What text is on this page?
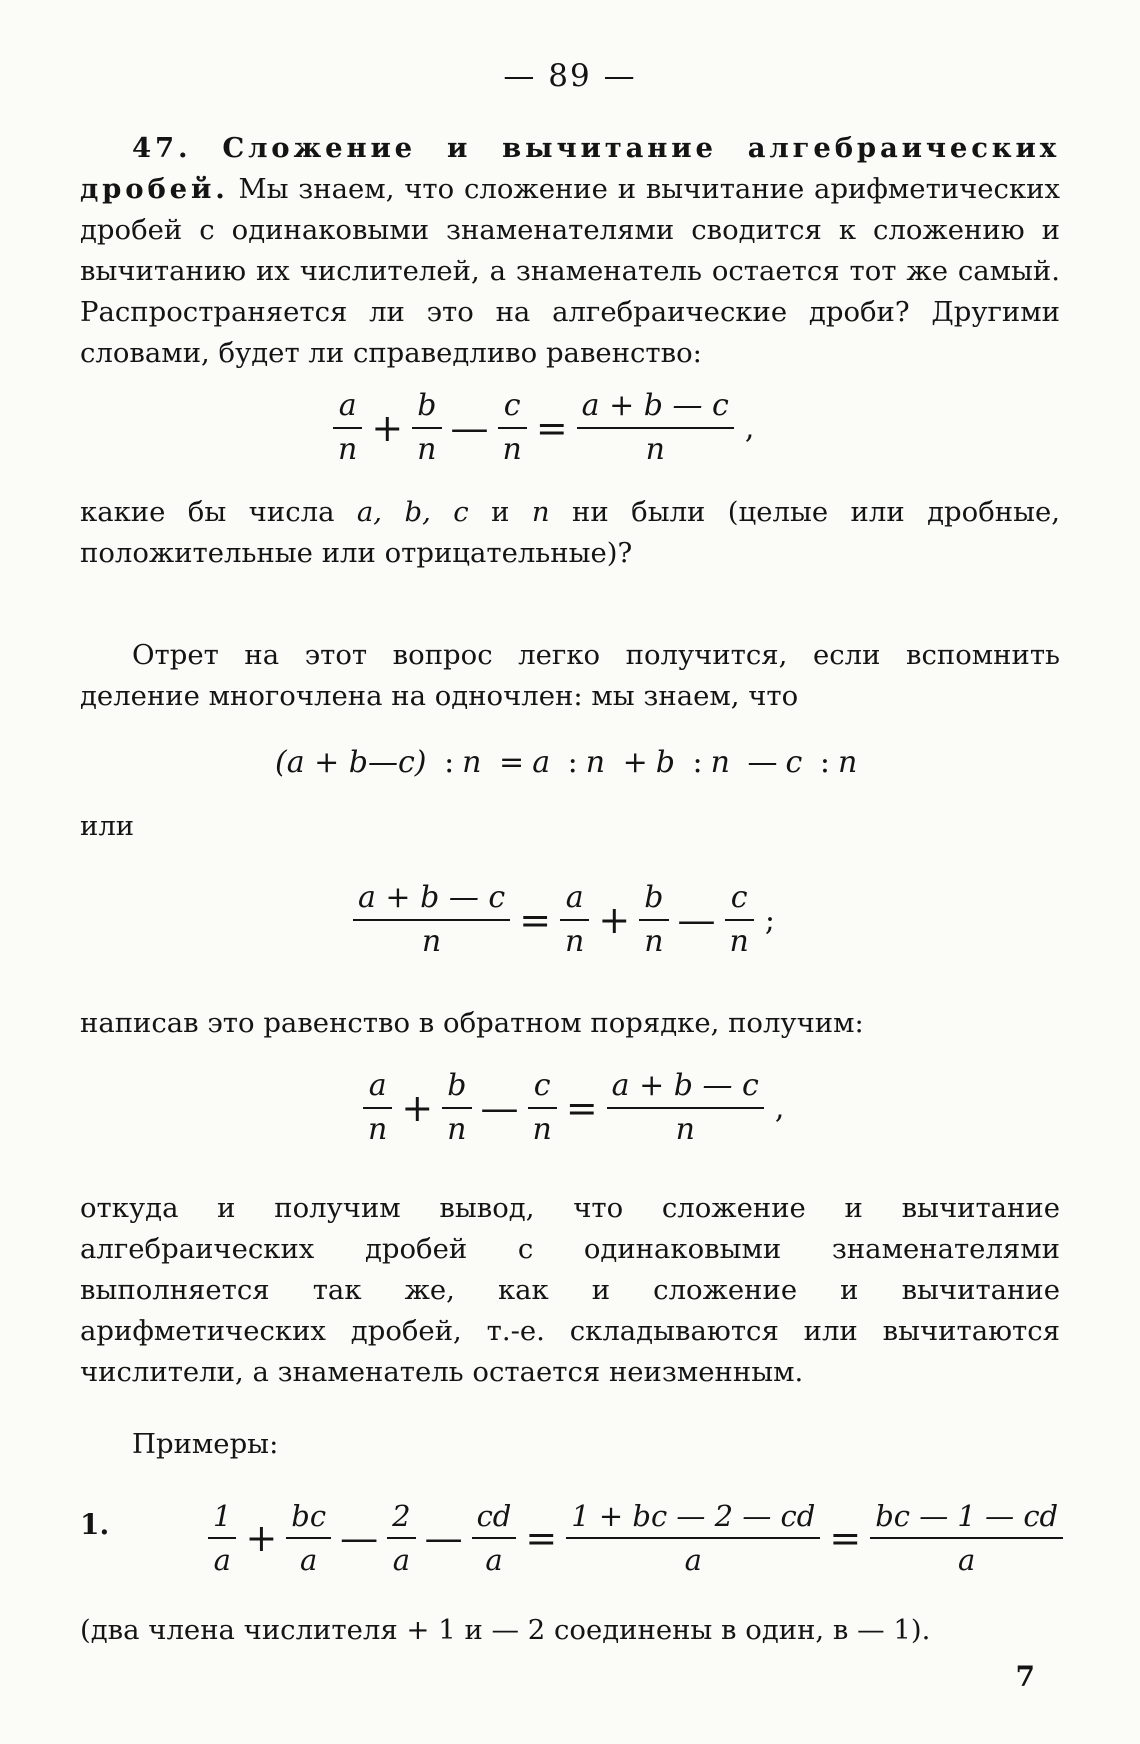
— 89 —
47. Сложение и вычитание алгебраических дробей. Мы знаем, что сложение и вычитание арифметических дробей с одинаковыми знаменателями сводится к сложению и вычитанию их числителей, а знаменатель остается тот же самый. Распространяется ли это на алгебраические дроби? Другими словами, будет ли справедливо равенство:
$\frac{a}{n} + \frac{b}{n}$ — $\frac{c}{n} = \frac{a + b — c}{n}$ ,
какие бы числа a, b, c и n ни были (целые или дробные, положительные или отрицательные)?
Отрет на этот вопрос легко получится, если вспомнить деление многочлена на одночлен: мы знаем, что
(a + b—c) : n = a : n + b : n — c : n
или
$\frac{a + b — c}{n} = \frac{a}{n} + \frac{b}{n}$ — $\frac{c}{n}$ ;
написав это равенство в обратном порядке, получим:
$\frac{a}{n} + \frac{b}{n}$ — $\frac{c}{n} = \frac{a + b — c}{n}$ ,
откуда и получим вывод, что сложение и вычитание алгебраических дробей с одинаковыми знаменателями выполняется так же, как и сложение и вычитание арифметических дробей, т.-е. складываются или вычитаются числители, а знаменатель остается неизменным.
Примеры:
1.	$\frac{1}{a} + \frac{bc}{a}$ — $\frac{2}{a}$ — $\frac{cd}{a} = \frac{1 + bc — 2 — cd}{a} = \frac{bc — 1 — cd}{a}$
(два члена числителя + 1 и — 2 соединены в один, в — 1).
7
